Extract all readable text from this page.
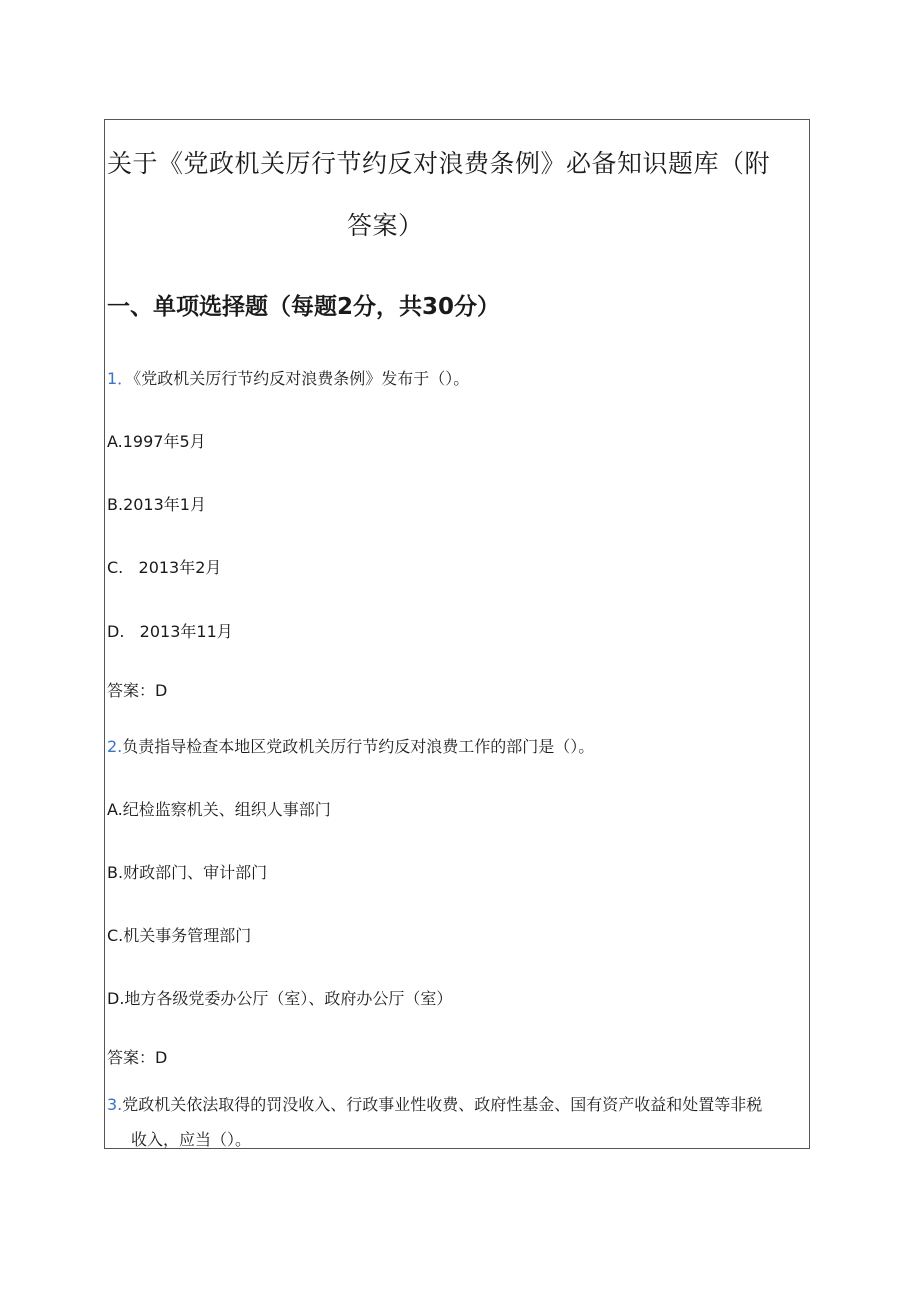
关于《党政机关厉行节约反对浪费条例》必备知识题库（附
答案）
一、单项选择题（每题2分，共30分）
1．《党政机关厉行节约反对浪费条例》发布于（）。
A.1997年5月
B.2013年1月
C.   2013年2月
D.   2013年11月
答案：D
2.负责指导检查本地区党政机关厉行节约反对浪费工作的部门是（）。
A.纪检监察机关、组织人事部门
B.财政部门、审计部门
C.机关事务管理部门
D.地方各级党委办公厅（室）、政府办公厅（室）
答案：D
3.党政机关依法取得的罚没收入、行政事业性收费、政府性基金、国有资产收益和处置等非税
收入，应当（）。
